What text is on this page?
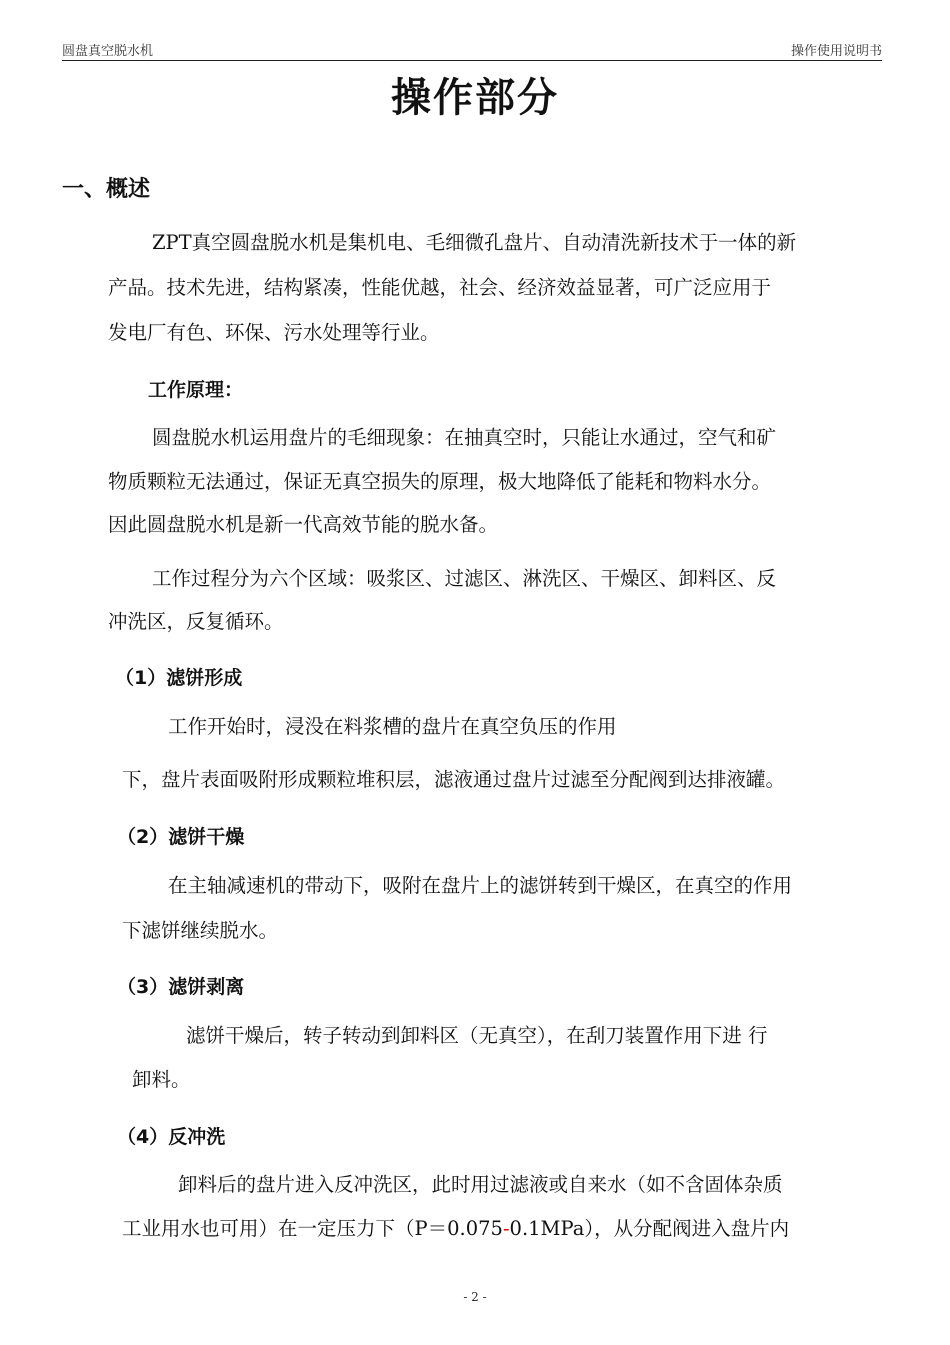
圆盘真空脱水机	操作使用说明书
操作部分
一、概述
ZPT真空圆盘脱水机是集机电、毛细微孔盘片、自动清洗新技术于一体的新
产品。技术先进，结构紧凑，性能优越，社会、经济效益显著，可广泛应用于
发电厂有色、环保、污水处理等行业。
工作原理：
圆盘脱水机运用盘片的毛细现象：在抽真空时，只能让水通过，空气和矿
物质颗粒无法通过，保证无真空损失的原理，极大地降低了能耗和物料水分。
因此圆盘脱水机是新一代高效节能的脱水备。
工作过程分为六个区域：吸浆区、过滤区、淋洗区、干燥区、卸料区、反
冲洗区，反复循环。
（1）滤饼形成
工作开始时，浸没在料浆槽的盘片在真空负压的作用
下，盘片表面吸附形成颗粒堆积层，滤液通过盘片过滤至分配阀到达排液罐。
（2）滤饼干燥
在主轴减速机的带动下，吸附在盘片上的滤饼转到干燥区，在真空的作用
下滤饼继续脱水。
（3）滤饼剥离
滤饼干燥后，转子转动到卸料区（无真空），在刮刀装置作用下进 行
卸料。
（4）反冲洗
卸料后的盘片进入反冲洗区，此时用过滤液或自来水（如不含固体杂质
工业用水也可用）在一定压力下（P＝0.075-0.1MPa），从分配阀进入盘片内
- 2 -
